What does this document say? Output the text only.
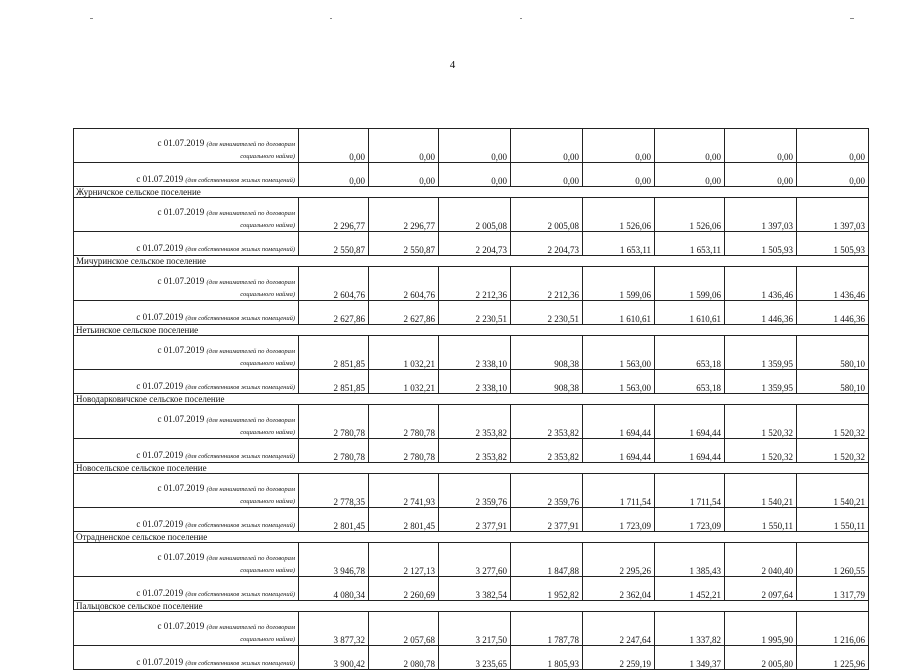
4
с 01.07.2019 (для нанимателей по договорам
социального найма)	0,00	0,00	0,00	0,00	0,00	0,00	0,00	0,00
с 01.07.2019 (для собственников жилых помещений)	0,00	0,00	0,00	0,00	0,00	0,00	0,00	0,00
Журничское сельское поселение								
с 01.07.2019 (для нанимателей по договорам
социального найма)	2 296,77	2 296,77	2 005,08	2 005,08	1 526,06	1 526,06	1 397,03	1 397,03
с 01.07.2019 (для собственников жилых помещений)	2 550,87	2 550,87	2 204,73	2 204,73	1 653,11	1 653,11	1 505,93	1 505,93
Мичуринское сельское поселение								
с 01.07.2019 (для нанимателей по договорам
социального найма)	2 604,76	2 604,76	2 212,36	2 212,36	1 599,06	1 599,06	1 436,46	1 436,46
с 01.07.2019 (для собственников жилых помещений)	2 627,86	2 627,86	2 230,51	2 230,51	1 610,61	1 610,61	1 446,36	1 446,36
Нетьинское сельское поселение								
с 01.07.2019 (для нанимателей по договорам
социального найма)	2 851,85	1 032,21	2 338,10	908,38	1 563,00	653,18	1 359,95	580,10
с 01.07.2019 (для собственников жилых помещений)	2 851,85	1 032,21	2 338,10	908,38	1 563,00	653,18	1 359,95	580,10
Новодарковичское сельское поселение								
с 01.07.2019 (для нанимателей по договорам
социального найма)	2 780,78	2 780,78	2 353,82	2 353,82	1 694,44	1 694,44	1 520,32	1 520,32
с 01.07.2019 (для собственников жилых помещений)	2 780,78	2 780,78	2 353,82	2 353,82	1 694,44	1 694,44	1 520,32	1 520,32
Новосельское сельское поселение								
с 01.07.2019 (для нанимателей по договорам
социального найма)	2 778,35	2 741,93	2 359,76	2 359,76	1 711,54	1 711,54	1 540,21	1 540,21
с 01.07.2019 (для собственников жилых помещений)	2 801,45	2 801,45	2 377,91	2 377,91	1 723,09	1 723,09	1 550,11	1 550,11
Отрадненское сельское поселение								
с 01.07.2019 (для нанимателей по договорам
социального найма)	3 946,78	2 127,13	3 277,60	1 847,88	2 295,26	1 385,43	2 040,40	1 260,55
с 01.07.2019 (для собственников жилых помещений)	4 080,34	2 260,69	3 382,54	1 952,82	2 362,04	1 452,21	2 097,64	1 317,79
Пальцовское сельское поселение								
с 01.07.2019 (для нанимателей по договорам
социального найма)	3 877,32	2 057,68	3 217,50	1 787,78	2 247,64	1 337,82	1 995,90	1 216,06
с 01.07.2019 (для собственников жилых помещений)	3 900,42	2 080,78	3 235,65	1 805,93	2 259,19	1 349,37	2 005,80	1 225,96
